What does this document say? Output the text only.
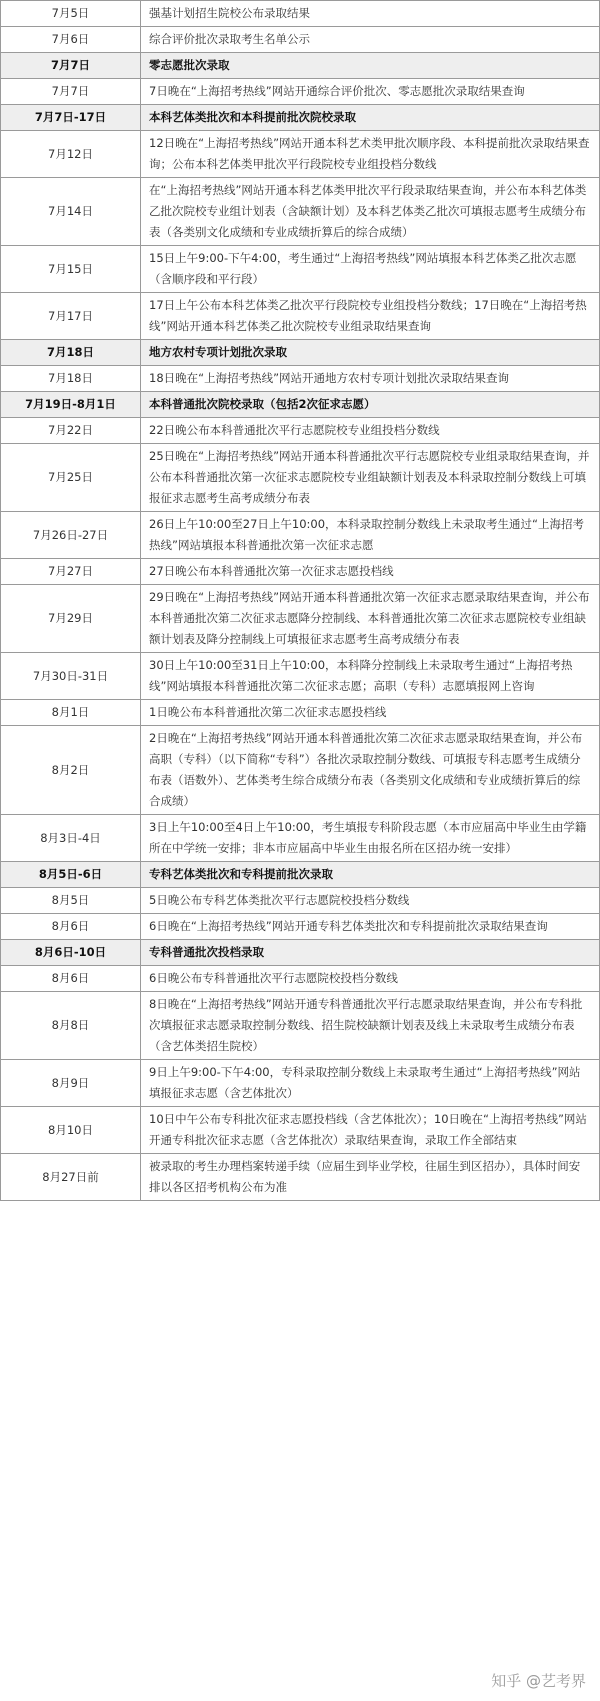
7月5日	强基计划招生院校公布录取结果
7月6日	综合评价批次录取考生名单公示
7月7日	零志愿批次录取
7月7日	7日晚在“上海招考热线”网站开通综合评价批次、零志愿批次录取结果查询
7月7日-17日	本科艺体类批次和本科提前批次院校录取
7月12日	12日晚在“上海招考热线”网站开通本科艺术类甲批次顺序段、本科提前批次录取结果查询；公布本科艺体类甲批次平行段院校专业组投档分数线
7月14日	在“上海招考热线”网站开通本科艺体类甲批次平行段录取结果查询，并公布本科艺体类乙批次院校专业组计划表（含缺额计划）及本科艺体类乙批次可填报志愿考生成绩分布表（各类别文化成绩和专业成绩折算后的综合成绩）
7月15日	15日上午9:00-下午4:00，考生通过“上海招考热线”网站填报本科艺体类乙批次志愿（含顺序段和平行段）
7月17日	17日上午公布本科艺体类乙批次平行段院校专业组投档分数线；17日晚在“上海招考热线”网站开通本科艺体类乙批次院校专业组录取结果查询
7月18日	地方农村专项计划批次录取
7月18日	18日晚在“上海招考热线”网站开通地方农村专项计划批次录取结果查询
7月19日-8月1日	本科普通批次院校录取（包括2次征求志愿）
7月22日	22日晚公布本科普通批次平行志愿院校专业组投档分数线
7月25日	25日晚在“上海招考热线”网站开通本科普通批次平行志愿院校专业组录取结果查询，并公布本科普通批次第一次征求志愿院校专业组缺额计划表及本科录取控制分数线上可填报征求志愿考生高考成绩分布表
7月26日-27日	26日上午10:00至27日上午10:00，本科录取控制分数线上未录取考生通过“上海招考热线”网站填报本科普通批次第一次征求志愿
7月27日	27日晚公布本科普通批次第一次征求志愿投档线
7月29日	29日晚在“上海招考热线”网站开通本科普通批次第一次征求志愿录取结果查询，并公布本科普通批次第二次征求志愿降分控制线、本科普通批次第二次征求志愿院校专业组缺额计划表及降分控制线上可填报征求志愿考生高考成绩分布表
7月30日-31日	30日上午10:00至31日上午10:00，本科降分控制线上未录取考生通过“上海招考热线”网站填报本科普通批次第二次征求志愿；高职（专科）志愿填报网上咨询
8月1日	1日晚公布本科普通批次第二次征求志愿投档线
8月2日	2日晚在“上海招考热线”网站开通本科普通批次第二次征求志愿录取结果查询，并公布高职（专科）（以下简称“专科”）各批次录取控制分数线、可填报专科志愿考生成绩分布表（语数外）、艺体类考生综合成绩分布表（各类别文化成绩和专业成绩折算后的综合成绩）
8月3日-4日	3日上午10:00至4日上午10:00，考生填报专科阶段志愿（本市应届高中毕业生由学籍所在中学统一安排；非本市应届高中毕业生由报名所在区招办统一安排）
8月5日-6日	专科艺体类批次和专科提前批次录取
8月5日	5日晚公布专科艺体类批次平行志愿院校投档分数线
8月6日	6日晚在“上海招考热线”网站开通专科艺体类批次和专科提前批次录取结果查询
8月6日-10日	专科普通批次投档录取
8月6日	6日晚公布专科普通批次平行志愿院校投档分数线
8月8日	8日晚在“上海招考热线”网站开通专科普通批次平行志愿录取结果查询，并公布专科批次填报征求志愿录取控制分数线、招生院校缺额计划表及线上未录取考生成绩分布表（含艺体类招生院校）
8月9日	9日上午9:00-下午4:00，专科录取控制分数线上未录取考生通过“上海招考热线”网站填报征求志愿（含艺体批次）
8月10日	10日中午公布专科批次征求志愿投档线（含艺体批次）；10日晚在“上海招考热线”网站开通专科批次征求志愿（含艺体批次）录取结果查询，录取工作全部结束
8月27日前	被录取的考生办理档案转递手续（应届生到毕业学校，往届生到区招办），具体时间安排以各区招考机构公布为准
知乎 @艺考界
